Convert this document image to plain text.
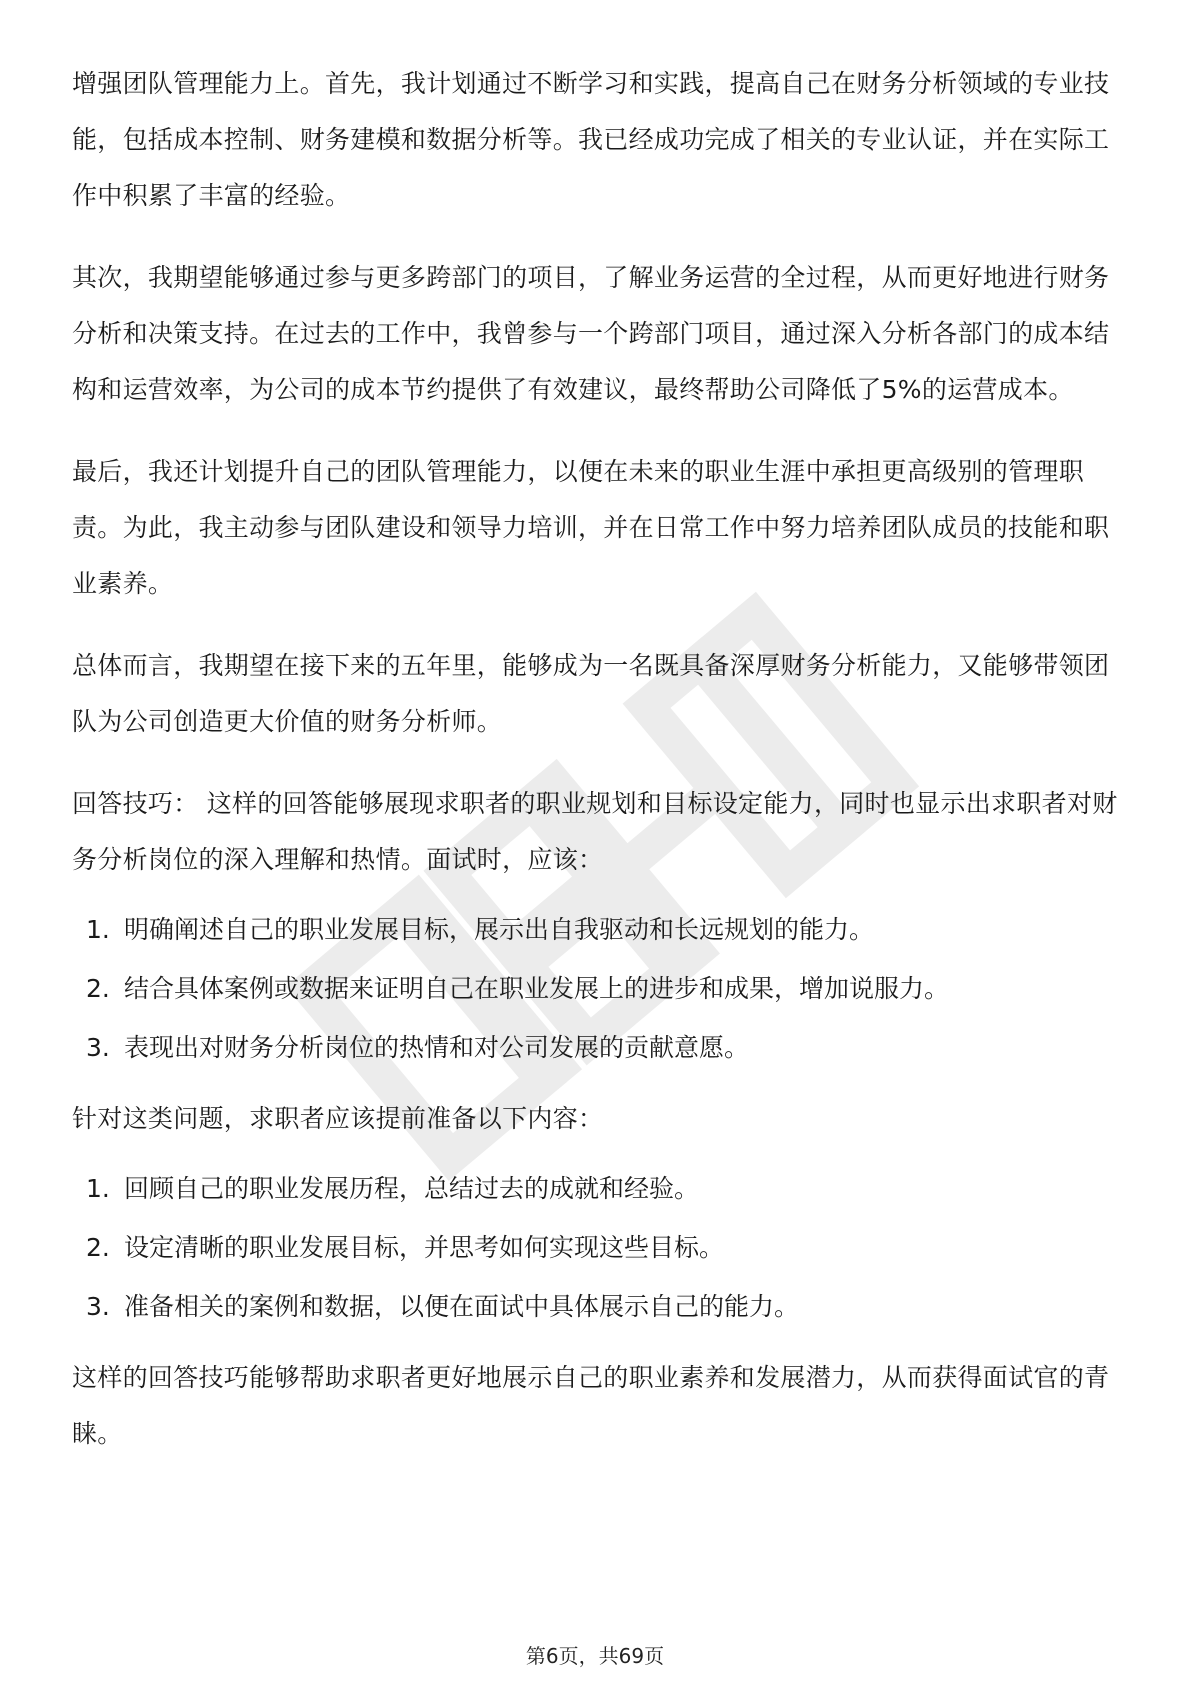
增强团队管理能力上。首先，我计划通过不断学习和实践，提高自己在财务分析领域的专业技能，包括成本控制、财务建模和数据分析等。我已经成功完成了相关的专业认证，并在实际工作中积累了丰富的经验。

其次，我期望能够通过参与更多跨部门的项目，了解业务运营的全过程，从而更好地进行财务分析和决策支持。在过去的工作中，我曾参与一个跨部门项目，通过深入分析各部门的成本结构和运营效率，为公司的成本节约提供了有效建议，最终帮助公司降低了5%的运营成本。

最后，我还计划提升自己的团队管理能力，以便在未来的职业生涯中承担更高级别的管理职责。为此，我主动参与团队建设和领导力培训，并在日常工作中努力培养团队成员的技能和职业素养。

总体而言，我期望在接下来的五年里，能够成为一名既具备深厚财务分析能力，又能够带领团队为公司创造更大价值的财务分析师。

回答技巧： 这样的回答能够展现求职者的职业规划和目标设定能力，同时也显示出求职者对财务分析岗位的深入理解和热情。面试时，应该：

1. 明确阐述自己的职业发展目标，展示出自我驱动和长远规划的能力。
2. 结合具体案例或数据来证明自己在职业发展上的进步和成果，增加说服力。
3. 表现出对财务分析岗位的热情和对公司发展的贡献意愿。

针对这类问题，求职者应该提前准备以下内容：

1. 回顾自己的职业发展历程，总结过去的成就和经验。
2. 设定清晰的职业发展目标，并思考如何实现这些目标。
3. 准备相关的案例和数据，以便在面试中具体展示自己的能力。

这样的回答技巧能够帮助求职者更好地展示自己的职业素养和发展潜力，从而获得面试官的青睐。

第6页，共69页
